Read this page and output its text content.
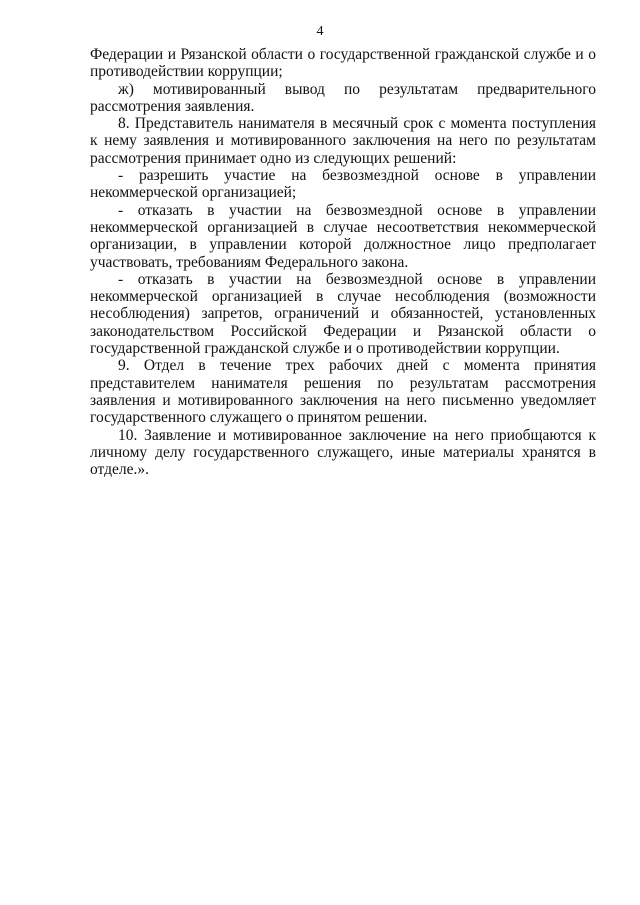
4

Федерации и Рязанской области о государственной гражданской службе и о противодействии коррупции;

ж) мотивированный вывод по результатам предварительного рассмотрения заявления.

8. Представитель нанимателя в месячный срок с момента поступления к нему заявления и мотивированного заключения на него по результатам рассмотрения принимает одно из следующих решений:

- разрешить участие на безвозмездной основе в управлении некоммерческой организацией;

- отказать в участии на безвозмездной основе в управлении некоммерческой организацией в случае несоответствия некоммерческой организации, в управлении которой должностное лицо предполагает участвовать, требованиям Федерального закона.

- отказать в участии на безвозмездной основе в управлении некоммерческой организацией в случае несоблюдения (возможности несоблюдения) запретов, ограничений и обязанностей, установленных законодательством Российской Федерации и Рязанской области о государственной гражданской службе и о противодействии коррупции.

9. Отдел в течение трех рабочих дней с момента принятия представителем нанимателя решения по результатам рассмотрения заявления и мотивированного заключения на него письменно уведомляет государственного служащего о принятом решении.

10. Заявление и мотивированное заключение на него приобщаются к личному делу государственного служащего, иные материалы хранятся в отделе.».
